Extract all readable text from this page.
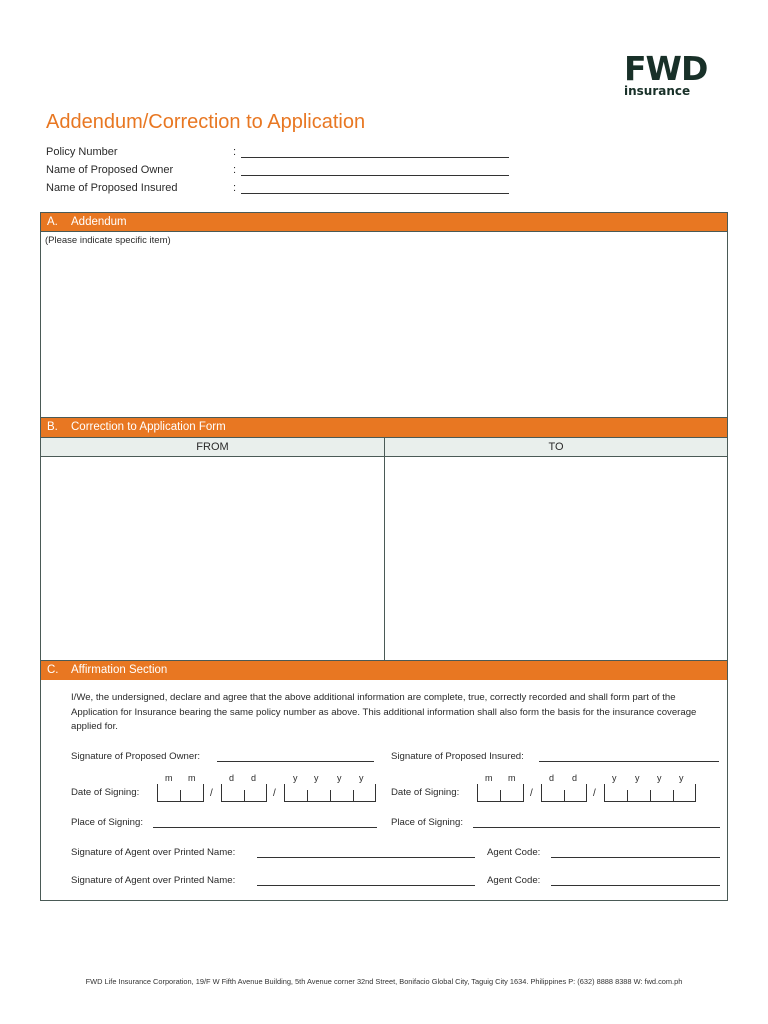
FWD
insurance
Addendum/Correction to Application
Policy Number	:
Name of Proposed Owner	:
Name of Proposed Insured	:
A. Addendum
(Please indicate specific item)
B. Correction to Application Form
FROM	TO
C. Affirmation Section
I/We, the undersigned, declare and agree that the above additional information are complete, true, correctly recorded and shall form part of the
Application for Insurance bearing the same policy number as above. This additional information shall also form the basis for the insurance coverage
applied for.
Signature of Proposed Owner:	Signature of Proposed Insured:
m m	d d	y y y y	m m	d d	y y y y
Date of Signing:	/	/	Date of Signing:	/	/
Place of Signing:	Place of Signing:
Signature of Agent over Printed Name:	Agent Code:
Signature of Agent over Printed Name:	Agent Code:
FWD Life Insurance Corporation, 19/F W Fifth Avenue Building, 5th Avenue corner 32nd Street, Bonifacio Global City, Taguig City 1634. Philippines P: (632) 8888 8388 W: fwd.com.ph
